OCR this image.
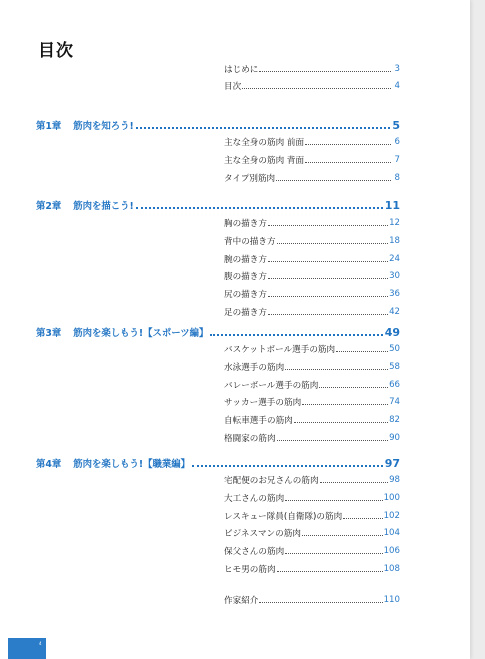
目次
はじめに	3
目次	4
第1章 筋肉を知ろう!	5
主な全身の筋肉 前面	6
主な全身の筋肉 背面	7
タイプ別筋肉	8
第2章 筋肉を描こう!	11
胸の描き方	12
背中の描き方	18
腕の描き方	24
腹の描き方	30
尻の描き方	36
足の描き方	42
第3章 筋肉を楽しもう!【スポーツ編】	49
バスケットボール選手の筋肉	50
水泳選手の筋肉	58
バレーボール選手の筋肉	66
サッカー選手の筋肉	74
自転車選手の筋肉	82
格闘家の筋肉	90
第4章 筋肉を楽しもう!【職業編】	97
宅配便のお兄さんの筋肉	98
大工さんの筋肉	100
レスキュー隊員(自衛隊)の筋肉	102
ビジネスマンの筋肉	104
保父さんの筋肉	106
ヒモ男の筋肉	108
作家紹介	110
4
